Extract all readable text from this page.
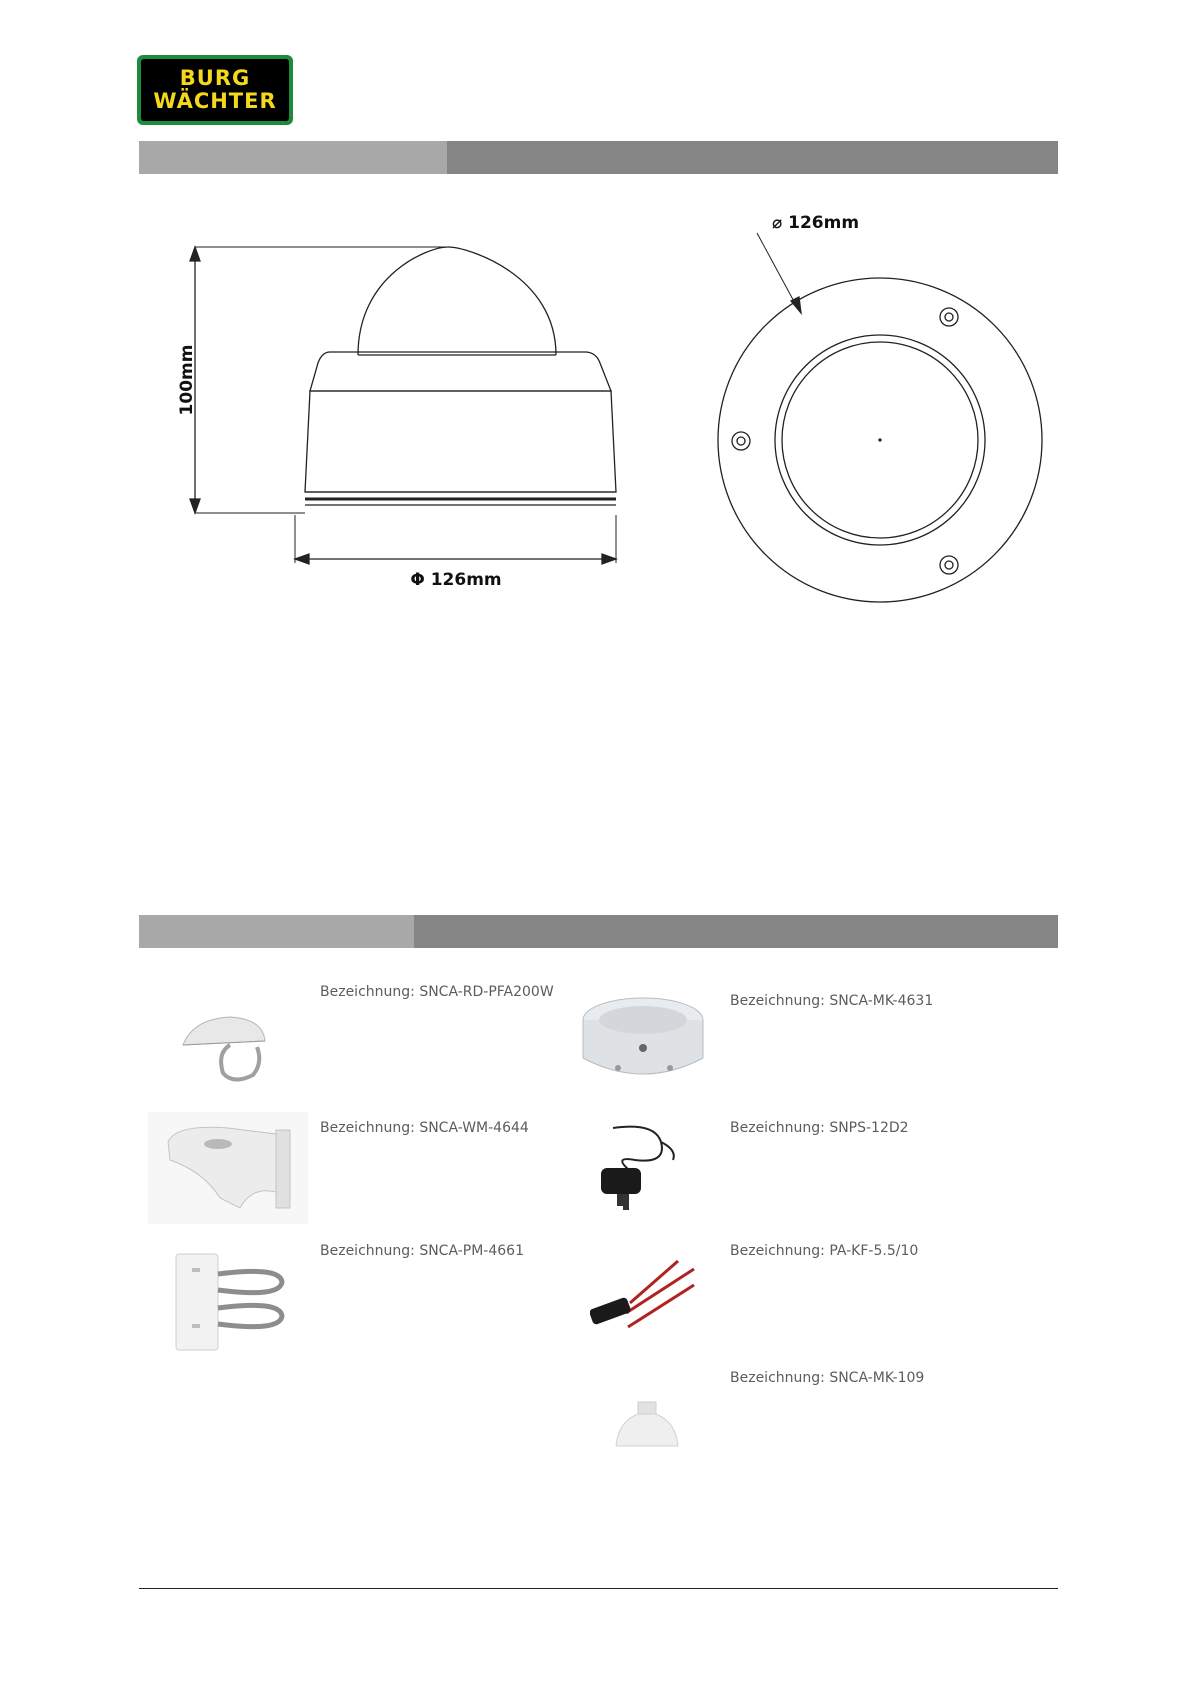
BURG
WÄCHTER
100mm
Φ 126mm
⌀ 126mm
Bezeichnung: SNCA-RD-PFA200W
Bezeichnung: SNCA-WM-4644
Bezeichnung: SNCA-PM-4661
Bezeichnung: SNCA-MK-4631
Bezeichnung: SNPS-12D2
Bezeichnung: PA-KF-5.5/10
Bezeichnung: SNCA-MK-109
